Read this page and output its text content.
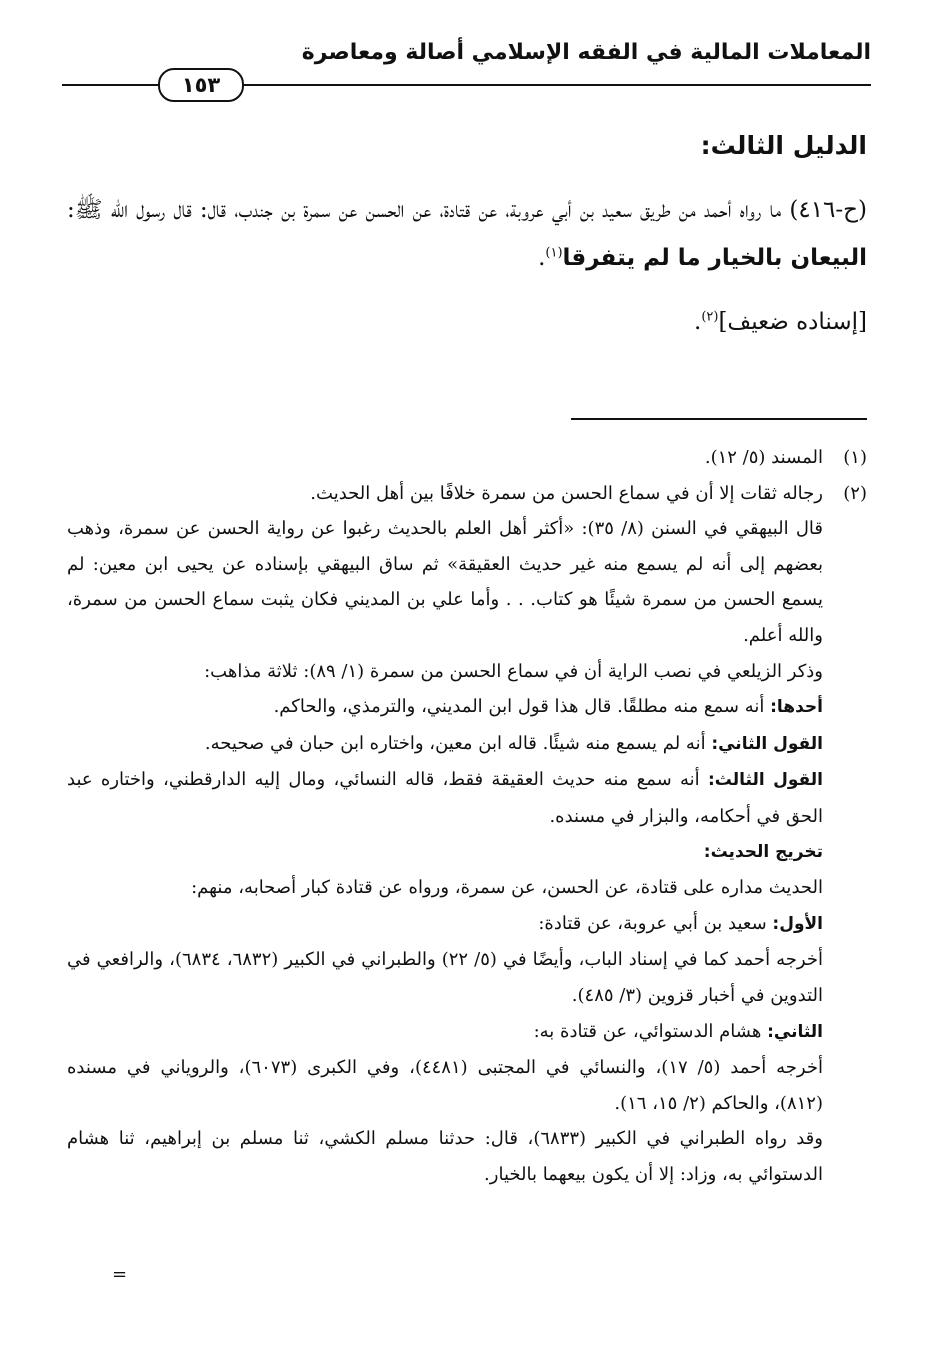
المعاملات المالية في الفقه الإسلامي أصالة ومعاصرة
١٥٣
الدليل الثالث:

(ح-٤١٦) ما رواه أحمد من طريق سعيد بن أبي عروبة، عن قتادة، عن الحسن عن سمرة بن جندب، قال: قال رسول الله ﷺ: البيعان بالخيار ما لم يتفرقا$^{(١)}$.

[إسناده ضعيف]$^{(٢)}$.

(١)المسند (٥/ ١٢).

(٢)رجاله ثقات إلا أن في سماع الحسن من سمرة خلافًا بين أهل الحديث.

قال البيهقي في السنن (٨/ ٣٥): «أكثر أهل العلم بالحديث رغبوا عن رواية الحسن عن سمرة، وذهب بعضهم إلى أنه لم يسمع منه غير حديث العقيقة» ثم ساق البيهقي بإسناده عن يحيى ابن معين: لم يسمع الحسن من سمرة شيئًا هو كتاب. . . وأما علي بن المديني فكان يثبت سماع الحسن من سمرة، والله أعلم.

وذكر الزيلعي في نصب الراية أن في سماع الحسن من سمرة (١/ ٨٩): ثلاثة مذاهب:

أحدها: أنه سمع منه مطلقًا. قال هذا قول ابن المديني، والترمذي، والحاكم.

القول الثاني: أنه لم يسمع منه شيئًا. قاله ابن معين، واختاره ابن حبان في صحيحه.

القول الثالث: أنه سمع منه حديث العقيقة فقط، قاله النسائي، ومال إليه الدارقطني، واختاره عبد الحق في أحكامه، والبزار في مسنده.

تخريج الحديث:

الحديث مداره على قتادة، عن الحسن، عن سمرة، ورواه عن قتادة كبار أصحابه، منهم:

الأول: سعيد بن أبي عروبة، عن قتادة:

أخرجه أحمد كما في إسناد الباب، وأيضًا في (٥/ ٢٢) والطبراني في الكبير (٦٨٣٢، ٦٨٣٤)، والرافعي في التدوين في أخبار قزوين (٣/ ٤٨٥).

الثاني: هشام الدستوائي، عن قتادة به:

أخرجه أحمد (٥/ ١٧)، والنسائي في المجتبى (٤٤٨١)، وفي الكبرى (٦٠٧٣)، والروياني في مسنده (٨١٢)، والحاكم (٢/ ١٥، ١٦).

وقد رواه الطبراني في الكبير (٦٨٣٣)، قال: حدثنا مسلم الكشي، ثنا مسلم بن إبراهيم، ثنا هشام الدستوائي به، وزاد: إلا أن يكون بيعهما بالخيار.

=
